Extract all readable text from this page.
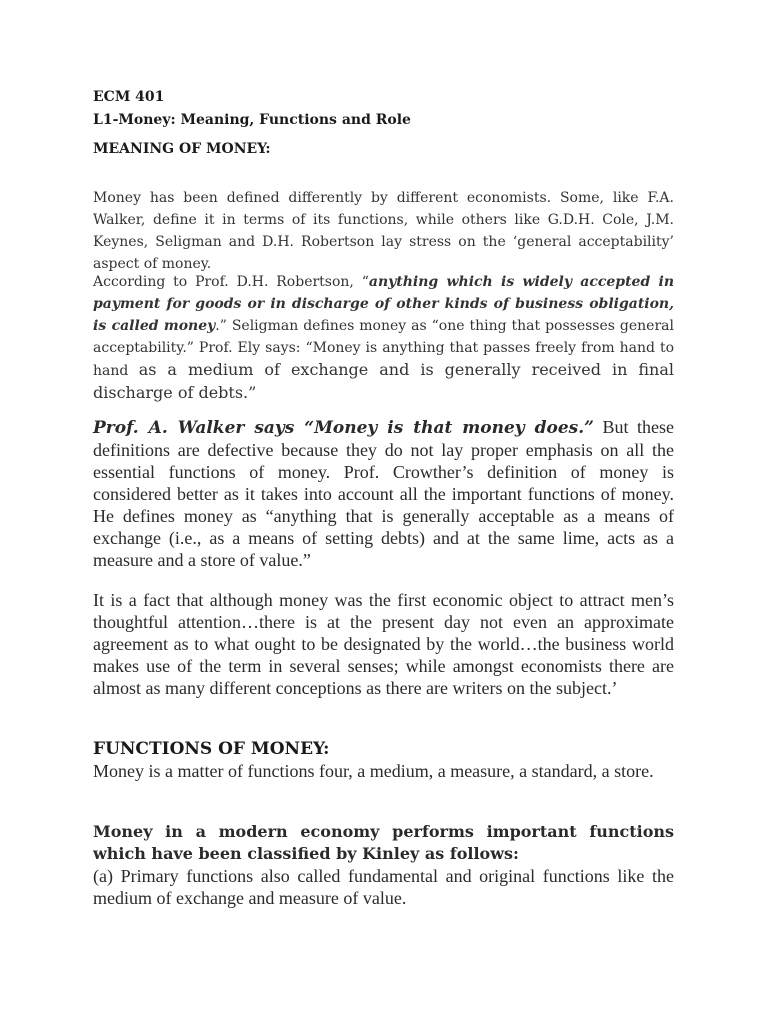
ECM 401
L1-Money: Meaning, Functions and Role
MEANING OF MONEY:

Money has been defined differently by different economists. Some, like F.A. Walker, define it in terms of its functions, while others like G.D.H. Cole, J.M. Keynes, Seligman and D.H. Robertson lay stress on the ‘general acceptability’ aspect of money.

According to Prof. D.H. Robertson, “anything which is widely accepted in payment for goods or in discharge of other kinds of business obligation, is called money.” Seligman defines money as “one thing that possesses general acceptability.” Prof. Ely says: “Money is anything that passes freely from hand to hand as a medium of exchange and is generally received in final discharge of debts.”

Prof. A. Walker says “Money is that money does.” But these definitions are defective because they do not lay proper emphasis on all the essential functions of money. Prof. Crowther’s definition of money is considered better as it takes into account all the important functions of money. He defines money as “anything that is generally acceptable as a means of exchange (i.e., as a means of setting debts) and at the same lime, acts as a measure and a store of value.”

It is a fact that although money was the first economic object to attract men’s thoughtful attention…there is at the present day not even an approximate agreement as to what ought to be designated by the world…the business world makes use of the term in several senses; while amongst economists there are almost as many different conceptions as there are writers on the subject.’

FUNCTIONS OF MONEY:

Money is a matter of functions four, a medium, a measure, a standard, a store.

Money in a modern economy performs important functions which have been classified by Kinley as follows:

(a) Primary functions also called fundamental and original functions like the medium of exchange and measure of value.
